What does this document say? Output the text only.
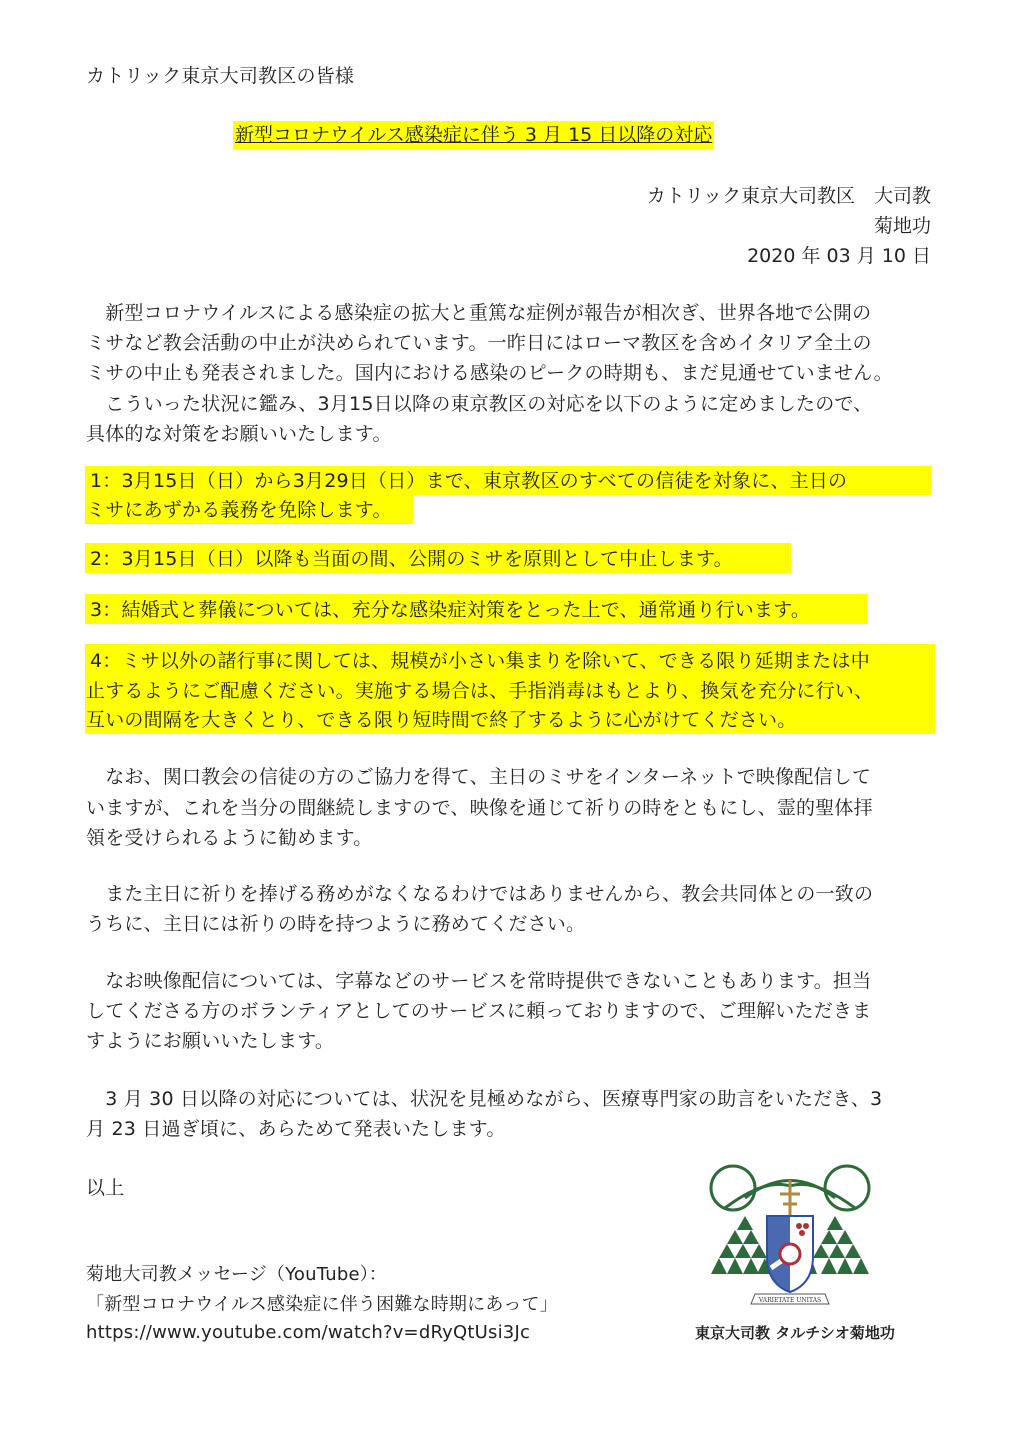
カトリック東京大司教区の皆様
新型コロナウイルス感染症に伴う 3 月 15 日以降の対応
カトリック東京大司教区　大司教
菊地功
2020 年 03 月 10 日
　新型コロナウイルスによる感染症の拡大と重篤な症例が報告が相次ぎ、世界各地で公開の
ミサなど教会活動の中止が決められています。一昨日にはローマ教区を含めイタリア全土の
ミサの中止も発表されました。国内における感染のピークの時期も、まだ見通せていません。
　こういった状況に鑑み、3月15日以降の東京教区の対応を以下のように定めましたので、
具体的な対策をお願いいたします。
1：3月15日（日）から3月29日（日）まで、東京教区のすべての信徒を対象に、主日の
ミサにあずかる義務を免除します。
2：3月15日（日）以降も当面の間、公開のミサを原則として中止します。
3：結婚式と葬儀については、充分な感染症対策をとった上で、通常通り行います。
4：ミサ以外の諸行事に関しては、規模が小さい集まりを除いて、できる限り延期または中
止するようにご配慮ください。実施する場合は、手指消毒はもとより、換気を充分に行い、
互いの間隔を大きくとり、できる限り短時間で終了するように心がけてください。
　なお、関口教会の信徒の方のご協力を得て、主日のミサをインターネットで映像配信して
いますが、これを当分の間継続しますので、映像を通じて祈りの時をともにし、霊的聖体拝
領を受けられるように勧めます。
　また主日に祈りを捧げる務めがなくなるわけではありませんから、教会共同体との一致の
うちに、主日には祈りの時を持つように務めてください。
　なお映像配信については、字幕などのサービスを常時提供できないこともあります。担当
してくださる方のボランティアとしてのサービスに頼っておりますので、ご理解いただきま
すようにお願いいたします。
　3 月 30 日以降の対応については、状況を見極めながら、医療専門家の助言をいただき、3
月 23 日過ぎ頃に、あらためて発表いたします。
以上
菊地大司教メッセージ（YouTube）：
「新型コロナウイルス感染症に伴う困難な時期にあって」
https://www.youtube.com/watch?v=dRyQtUsi3Jc
VARIETATE UNITAS
東京大司教 タルチシオ菊地功
